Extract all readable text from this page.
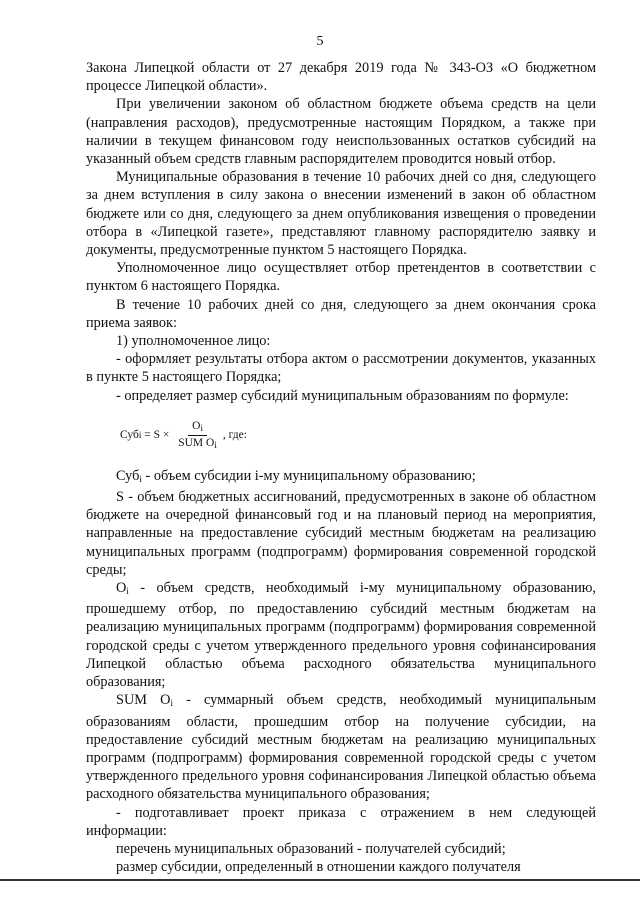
5

Закона Липецкой области от 27 декабря 2019 года № 343-ОЗ «О бюджетном процессе Липецкой области».

При увеличении законом об областном бюджете объема средств на цели (направления расходов), предусмотренные настоящим Порядком, а также при наличии в текущем финансовом году неиспользованных остатков субсидий на указанный объем средств главным распорядителем проводится новый отбор.

Муниципальные образования в течение 10 рабочих дней со дня, следующего за днем вступления в силу закона о внесении изменений в закон об областном бюджете или со дня, следующего за днем опубликования извещения о проведении отбора в «Липецкой газете», представляют главному распорядителю заявку и документы, предусмотренные пунктом 5 настоящего Порядка.

Уполномоченное лицо осуществляет отбор претендентов в соответствии с пунктом 6 настоящего Порядка.

В течение 10 рабочих дней со дня, следующего за днем окончания срока приема заявок:

1) уполномоченное лицо:

- оформляет результаты отбора актом о рассмотрении документов, указанных в пункте 5 настоящего Порядка;

- определяет размер субсидий муниципальным образованиям по формуле:

Суб $i = S \times \frac{O_i}{SUM O_i}$ , где:

Суб$_i$ - объем субсидии i-му муниципальному образованию;

S - объем бюджетных ассигнований, предусмотренных в законе об областном бюджете на очередной финансовый год и на плановый период на мероприятия, направленные на предоставление субсидий местным бюджетам на реализацию муниципальных программ (подпрограмм) формирования современной городской среды;

$O_i$ - объем средств, необходимый i-му муниципальному образованию, прошедшему отбор, по предоставлению субсидий местным бюджетам на реализацию муниципальных программ (подпрограмм) формирования современной городской среды с учетом утвержденного предельного уровня софинансирования Липецкой областью объема расходного обязательства муниципального образования;

SUM $O_i$ - суммарный объем средств, необходимый муниципальным образованиям области, прошедшим отбор на получение субсидии, на предоставление субсидий местным бюджетам на реализацию муниципальных программ (подпрограмм) формирования современной городской среды с учетом утвержденного предельного уровня софинансирования Липецкой областью объема расходного обязательства муниципального образования;

- подготавливает проект приказа с отражением в нем следующей информации:

перечень муниципальных образований - получателей субсидий;

размер субсидии, определенный в отношении каждого получателя
